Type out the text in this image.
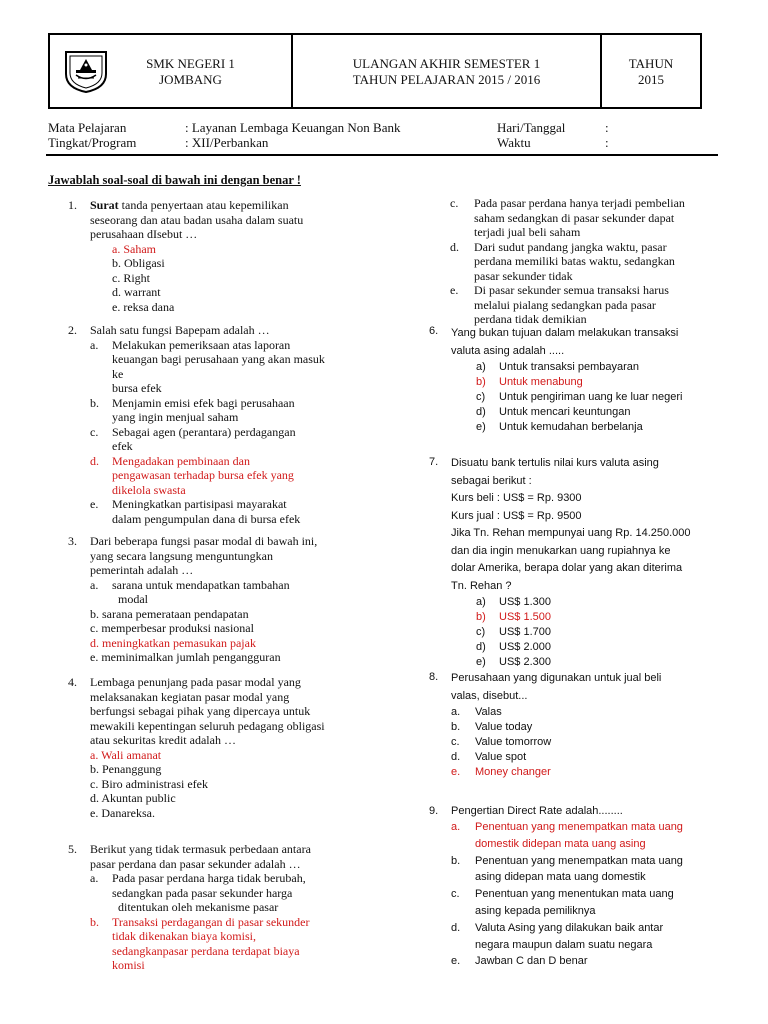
SMK NEGERI 1
JOMBANG
ULANGAN AKHIR SEMESTER 1
TAHUN PELAJARAN 2015 / 2016
TAHUN
2015
Mata Pelajaran
Tingkat/Program
: Layanan Lembaga Keuangan Non Bank
: XII/Perbankan
Hari/Tanggal
Waktu
:
:
Jawablah soal-soal di bawah ini dengan benar !
1. Surat tanda penyertaan atau kepemilikan
seseorang dan atau badan usaha dalam suatu
perusahaan dIsebut …
a. Saham
b. Obligasi
c. Right
d. warrant
e. reksa dana
2. Salah satu fungsi Bapepam adalah …
a. Melakukan pemeriksaan atas laporan
keuangan bagi perusahaan yang akan masuk
ke
bursa efek
b. Menjamin emisi efek bagi perusahaan
yang ingin menjual saham
c. Sebagai agen (perantara) perdagangan
efek
d. Mengadakan pembinaan dan
pengawasan terhadap bursa efek yang
dikelola swasta
e. Meningkatkan partisipasi mayarakat
dalam pengumpulan dana di bursa efek
3. Dari beberapa fungsi pasar modal di bawah ini,
yang secara langsung menguntungkan
pemerintah adalah …
a. sarana untuk mendapatkan tambahan
modal
b. sarana pemerataan pendapatan
c. memperbesar produksi nasional
d. meningkatkan pemasukan pajak
e. meminimalkan jumlah pengangguran
4. Lembaga penunjang pada pasar modal yang
melaksanakan kegiatan pasar modal yang
berfungsi sebagai pihak yang dipercaya untuk
mewakili kepentingan seluruh pedagang obligasi
atau sekuritas kredit adalah …
a. Wali amanat
b. Penanggung
c. Biro administrasi efek
d. Akuntan public
e. Danareksa.
5. Berikut yang tidak termasuk perbedaan antara
pasar perdana dan pasar sekunder adalah …
a. Pada pasar perdana harga tidak berubah,
sedangkan pada pasar sekunder harga
ditentukan oleh mekanisme pasar
b. Transaksi perdagangan di pasar sekunder
tidak dikenakan biaya komisi,
sedangkanpasar perdana terdapat biaya
komisi
c. Pada pasar perdana hanya terjadi pembelian
saham sedangkan di pasar sekunder dapat
terjadi jual beli saham
d. Dari sudut pandang jangka waktu, pasar
perdana memiliki batas waktu, sedangkan
pasar sekunder tidak
e. Di pasar sekunder semua transaksi harus
melalui pialang sedangkan pada pasar
perdana tidak demikian
6. Yang bukan tujuan dalam melakukan transaksi
valuta asing adalah .....
a) Untuk transaksi pembayaran
b) Untuk menabung
c) Untuk pengiriman uang ke luar negeri
d) Untuk mencari keuntungan
e) Untuk kemudahan berbelanja
7. Disuatu bank tertulis nilai kurs valuta asing
sebagai berikut :
Kurs beli : US$ = Rp. 9300
Kurs jual : US$ = Rp. 9500
Jika Tn. Rehan mempunyai uang Rp. 14.250.000
dan dia ingin menukarkan uang rupiahnya ke
dolar Amerika, berapa dolar yang akan diterima
Tn. Rehan ?
a) US$ 1.300
b) US$ 1.500
c) US$ 1.700
d) US$ 2.000
e) US$ 2.300
8. Perusahaan yang digunakan untuk jual beli
valas, disebut...
a. Valas
b. Value today
c. Value tomorrow
d. Value spot
e. Money changer
9. Pengertian Direct Rate adalah........
a. Penentuan yang menempatkan mata uang
domestik didepan mata uang asing
b. Penentuan yang menempatkan mata uang
asing didepan mata uang domestik
c. Penentuan yang menentukan mata uang
asing kepada pemiliknya
d. Valuta Asing yang dilakukan baik antar
negara maupun dalam suatu negara
e. Jawban C dan D benar
